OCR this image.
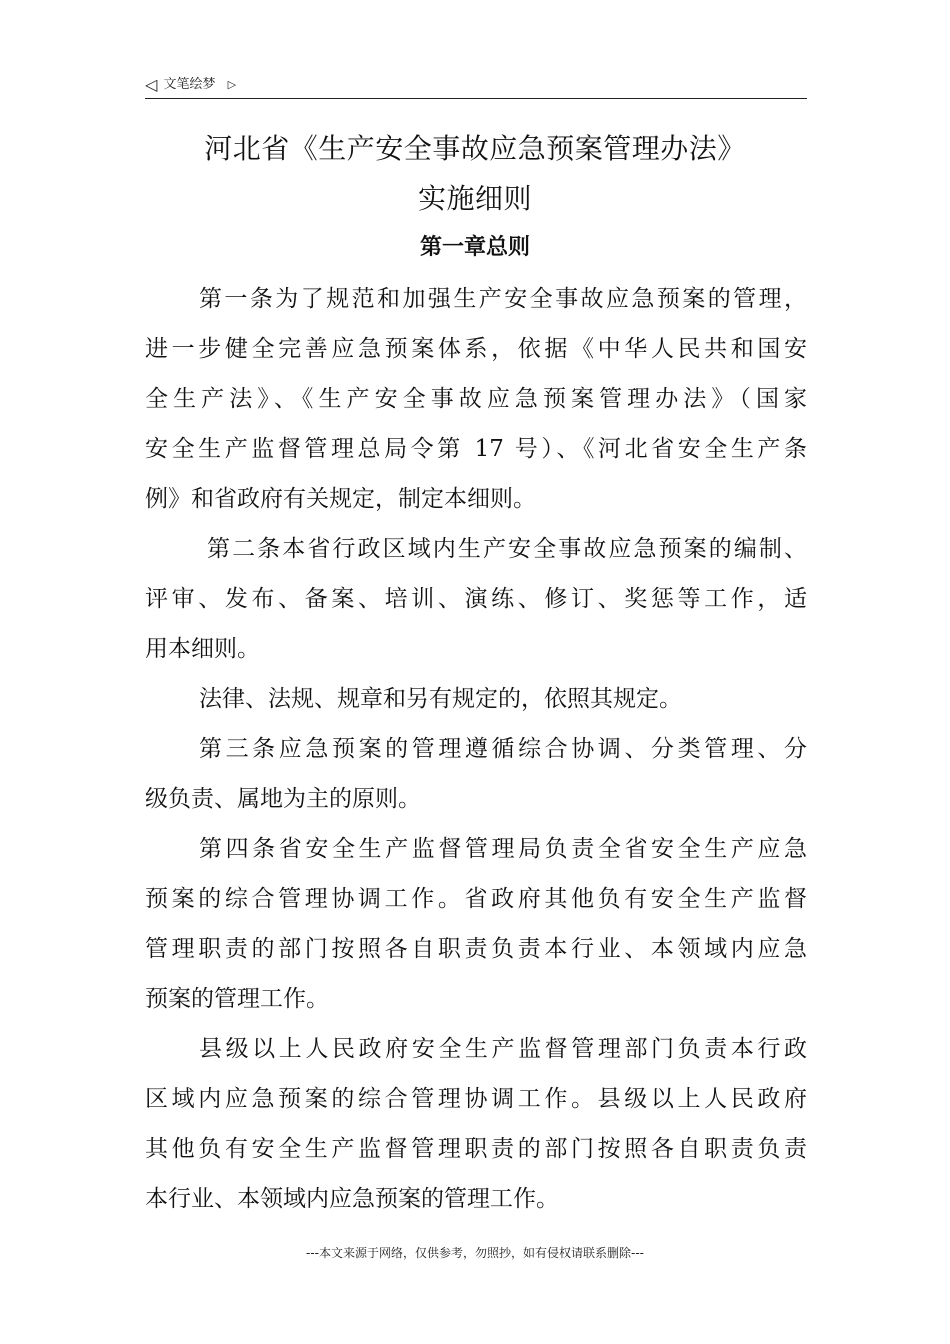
◁ 文笔绘梦 ▷
河北省《生产安全事故应急预案管理办法》
实施细则
第一章总则
第一条为了规范和加强生产安全事故应急预案的管理，
进一步健全完善应急预案体系，依据《中华人民共和国安
全生产法》、《生产安全事故应急预案管理办法》（国家
安全生产监督管理总局令第 17 号）、《河北省安全生产条
例》和省政府有关规定，制定本细则。
第二条本省行政区域内生产安全事故应急预案的编制、
评审、发布、备案、培训、演练、修订、奖惩等工作，适
用本细则。
法律、法规、规章和另有规定的，依照其规定。
第三条应急预案的管理遵循综合协调、分类管理、分
级负责、属地为主的原则。
第四条省安全生产监督管理局负责全省安全生产应急
预案的综合管理协调工作。省政府其他负有安全生产监督
管理职责的部门按照各自职责负责本行业、本领域内应急
预案的管理工作。
县级以上人民政府安全生产监督管理部门负责本行政
区域内应急预案的综合管理协调工作。县级以上人民政府
其他负有安全生产监督管理职责的部门按照各自职责负责
本行业、本领域内应急预案的管理工作。
---本文来源于网络，仅供参考，勿照抄，如有侵权请联系删除---
